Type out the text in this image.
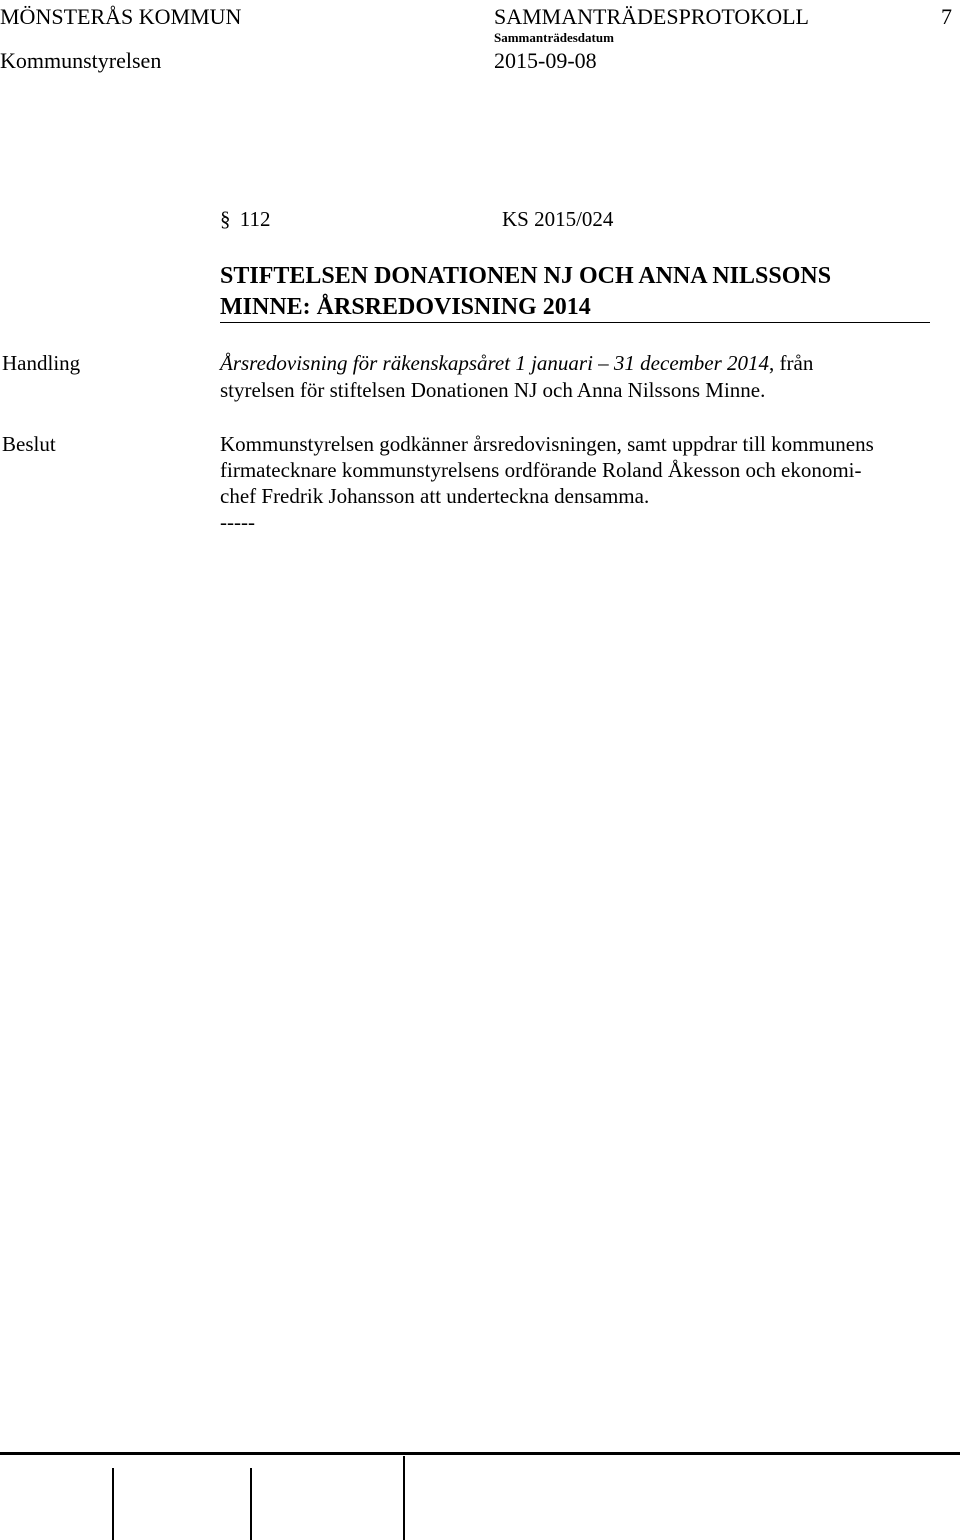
MÖNSTERÅS KOMMUN	SAMMANTRÄDESPROTOKOLL	7
Sammanträdesdatum
Kommunstyrelsen	2015-09-08
§ 112	KS 2015/024
STIFTELSEN DONATIONEN NJ OCH ANNA NILSSONS
MINNE: ÅRSREDOVISNING 2014
Handling	Årsredovisning för räkenskapsåret 1 januari – 31 december 2014, från
styrelsen för stiftelsen Donationen NJ och Anna Nilssons Minne.
Beslut	Kommunstyrelsen godkänner årsredovisningen, samt uppdrar till kommunens
firmatecknare kommunstyrelsens ordförande Roland Åkesson och ekonomi-
chef Fredrik Johansson att underteckna densamma.
-----
